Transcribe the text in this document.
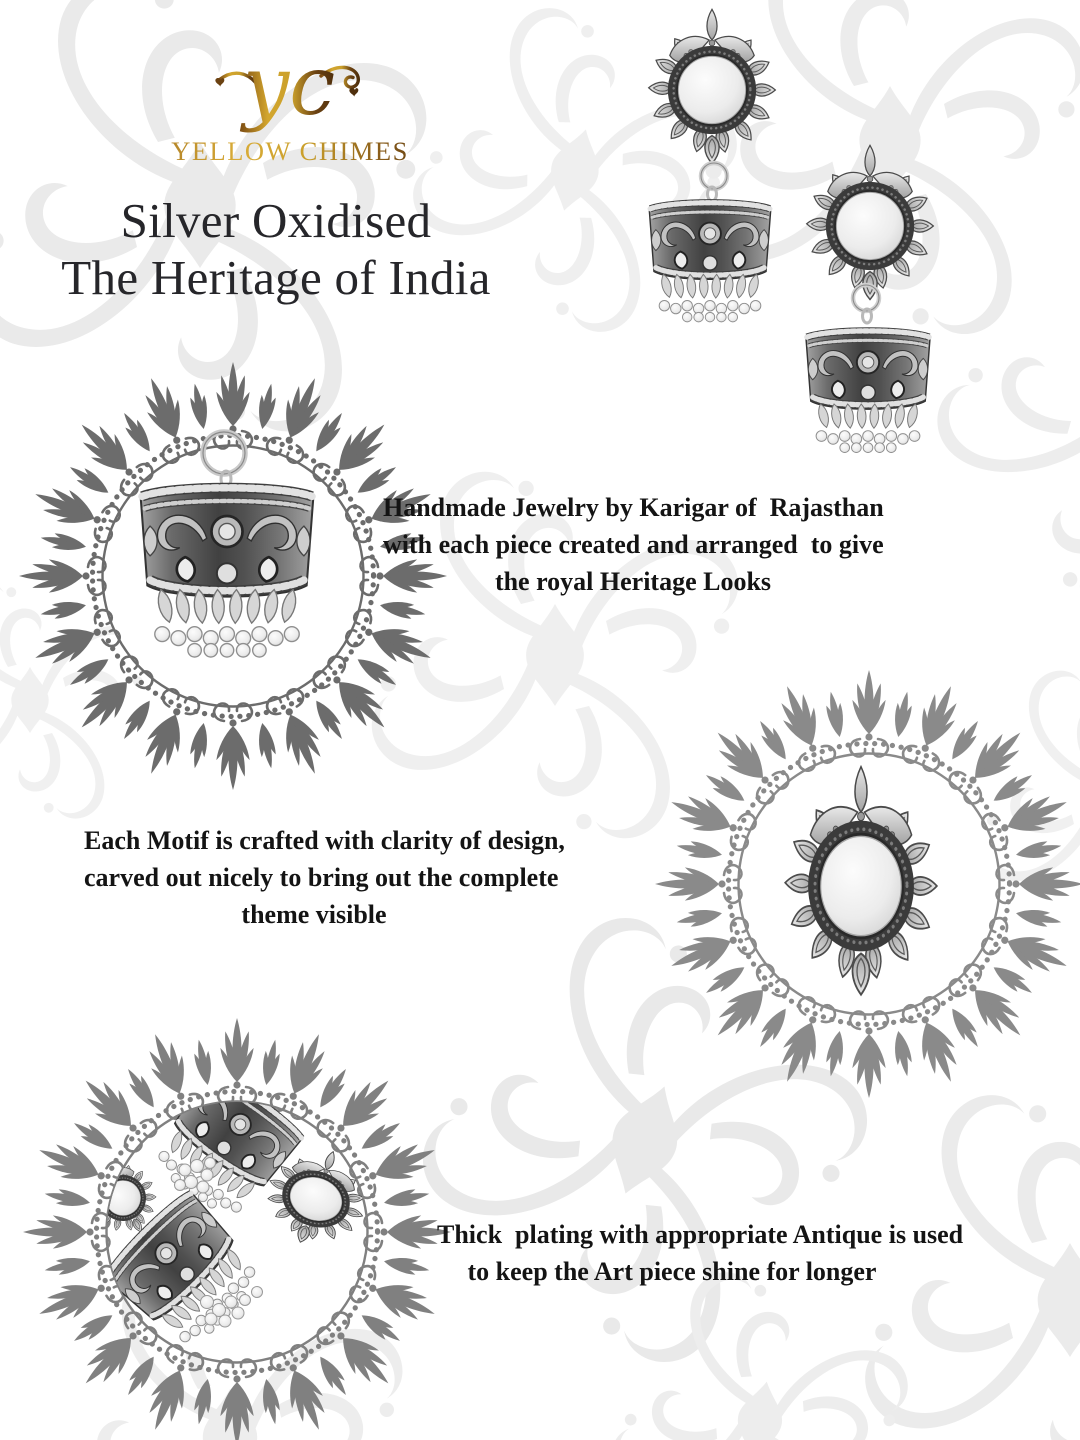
yc
YELLOW CHIMES
Silver Oxidised
The Heritage of India

Handmade Jewelry by Karigar of  Rajasthan
with each piece created and arranged  to give
the royal Heritage Looks

Each Motif is crafted with clarity of design,
carved out nicely to bring out the complete
theme visible

Thick  plating with appropriate Antique is used
to keep the Art piece shine for longer
